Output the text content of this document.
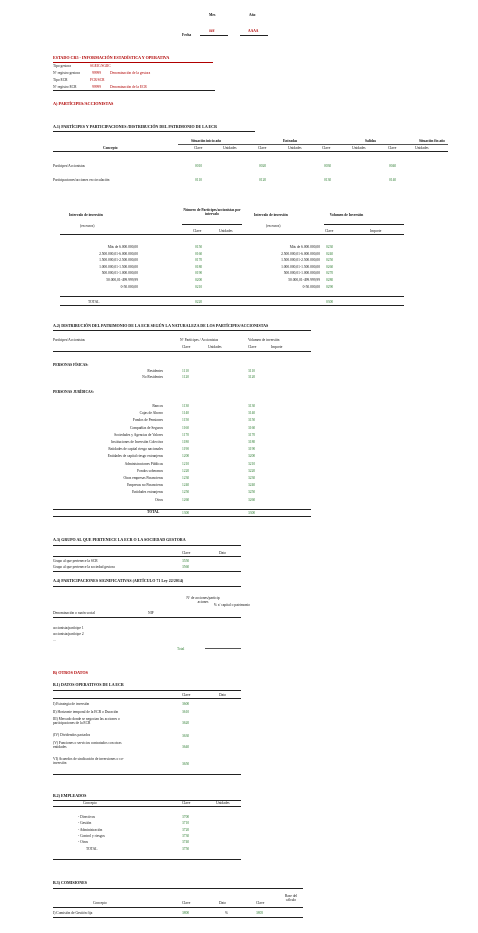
Mes	Año
Fecha
###	AAAA
ESTADO CR5 - INFORMACIÓN ESTADÍSTICA Y OPERATIVA
Tipo gestora	SGEIC/SGIIC
Nº registro gestora	99999	Denominación de la gestora
Tipo ECR	FCR/SCR
Nº registro ECR	99999	Denominación de la ECR
A) PARTÍCIPES/ACCIONISTAS
A.1) PARTÍCIPES Y PARTICIPACIONES /DISTRIBUCIÓN DEL PATRIMONIO DE LA ECR
Situación inicio año	Entradas	Salidas	Situación fin año
Concepto	Clave	Unidades	Clave	Unidades	Clave	Unidades	Clave	Unidades
Partícipes/Accionistas	0010	0020	0030	0040
Participaciones/acciones en circulación	0110	0120	0130	0140
Intervalo de inversión
(en euros)
Número de Partícipes/accionistas por intervalo	Intervalo de inversión
(en euros)
Volumen de Inversión
Clave	Unidades	Clave	Importe
Más de 6.000.000,00	0150	Más de 6.000.000,00 0230
2.500.000,01-6.000.000,00	0160	2.500.000,01-6.000.000,00 0240
1.500.000,01-2.500.000,00	0170	1.500.000,01-2.500.000,00 0250
1.000.000,01-1.500.000,00	0180	1.000.000,01-1.500.000,00 0260
500.000,01-1.000.000,00	0190	500.000,01-1.000.000,00 0270
50.000,01-499.999,99	0200	50.000,01-499.999,99 0280
0-50.000,00	0210	0-50.000,00 0290
TOTAL	0220	0300
A.2) DISTRIBUCIÓN DEL PATRIMONIO DE LA ECR SEGÚN LA NATURALEZA DE LOS PARTÍCIPES/ACCIONISTAS
Partícipes/Accionistas	Nº Partícipes / Accionistas	Volumen de inversión
Clave	Unidades	Clave	Importe
PERSONAS FÍSICAS:
Residentes	1110	3110
No Residentes	1120	3120
PERSONAS JURÍDICAS:
Bancos	1130	3130
Cajas de Ahorro	1140	3140
Fondos de Pensiones	1150	3150
Compañías de Seguros	1160	3160
Sociedades y Agencias de Valores	1170	3170
Instituciones de Inversión Colectiva	1180	3180
Entidades de capital riesgo nacionales	1190	3190
Entidades de capital riesgo extranjeras	1200	3200
Administraciones Públicas	1210	3210
Fondos soberanos	1220	3220
Otras empresas Financieras	1230	3230
Empresas no Financieras	1240	3240
Entidades extranjeras	1250	3250
Otros	1260	3260
TOTAL	1300	3300
A.3) GRUPO AL QUE PERTENECE LA ECR O LA SOCIEDAD GESTORA
Clave	Dato
Grupo al que pertenece la SCR	3550
Grupo al que pertenece la sociedad gestora	3560
A.4) PARTICIPACIONES SIGNIFICATIVAS (ARTÍCULO 71 Ley 22/2014)
Nº de acciones/particip aciones
% s/ capital o patrimonio
Denominación o razón social	NIF
accionista/partícipe 1
accionista/partícipe 2
...
Total
B) OTROS DATOS
B.1) DATOS OPERATIVOS DE LA ECR
Clave	Dato
I) Estrategia de inversión	3600
II) Horizonte temporal de la ECR o Duración	3610
III) Mercado donde se negocian las acciones o participaciones de la ECR	3620
(IV) Dividendos pactados	3630
(V) Funciones o servicios contratados con otras entidades	3640
VI) Acuerdos de sindicación de inversiones o co-inversión	3650
B.2) EMPLEADOS
Concepto	Clave	Unidades
- Directivos	3700
- Gestión	3710
- Administración	3720
- Control y riesgos	3730
- Otros	3740
TOTAL	3750
B.3) COMISIONES
Concepto	Clave	Dato	Clave
Base del cálculo
I) Comisión de Gestión fija	3800	%	3805
